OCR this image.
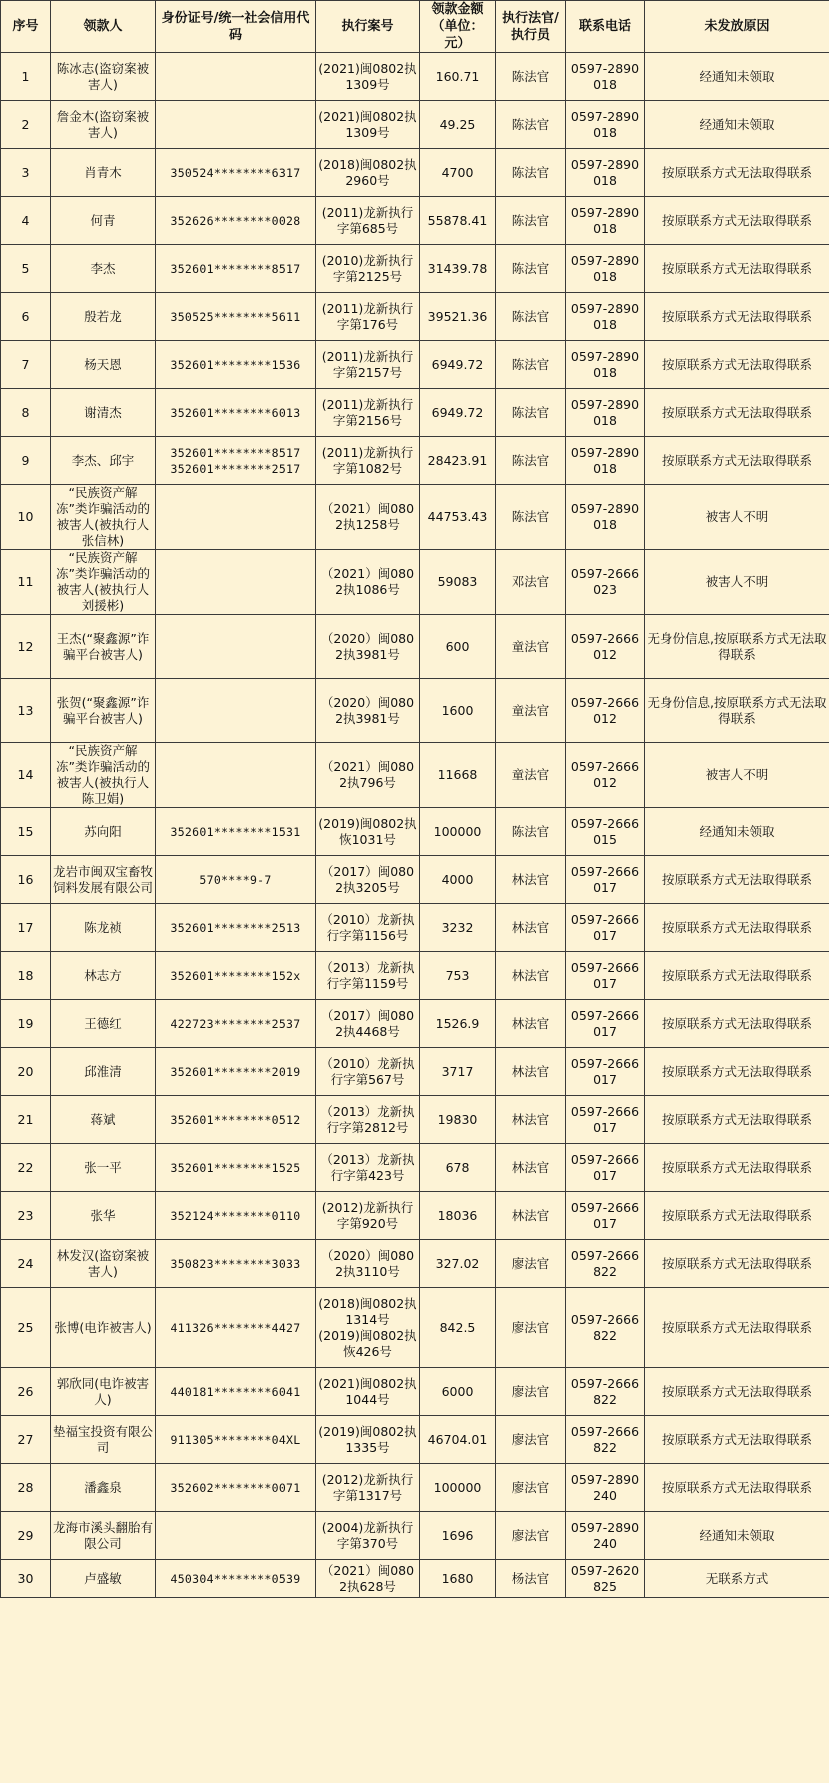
序号	领款人	身份证号/统一社会信用代码	执行案号	领款金额（单位：元）	执行法官/执行员	联系电话	未发放原因
1	陈冰志(盗窃案被害人)		(2021)闽0802执1309号	160.71	陈法官	0597-2890018	经通知未领取
2	詹金木(盗窃案被害人)		(2021)闽0802执1309号	49.25	陈法官	0597-2890018	经通知未领取
3	肖青木	350524********6317	(2018)闽0802执2960号	4700	陈法官	0597-2890018	按原联系方式无法取得联系
4	何青	352626********0028	(2011)龙新执行字第685号	55878.41	陈法官	0597-2890018	按原联系方式无法取得联系
5	李杰	352601********8517	(2010)龙新执行字第2125号	31439.78	陈法官	0597-2890018	按原联系方式无法取得联系
6	殷若龙	350525********5611	(2011)龙新执行字第176号	39521.36	陈法官	0597-2890018	按原联系方式无法取得联系
7	杨天恩	352601********1536	(2011)龙新执行字第2157号	6949.72	陈法官	0597-2890018	按原联系方式无法取得联系
8	谢清杰	352601********6013	(2011)龙新执行字第2156号	6949.72	陈法官	0597-2890018	按原联系方式无法取得联系
9	李杰、邱宇	352601********8517
352601********2517	(2011)龙新执行字第1082号	28423.91	陈法官	0597-2890018	按原联系方式无法取得联系
10	“民族资产解冻”类诈骗活动的被害人(被执行人张信林)		（2021）闽0802执1258号	44753.43	陈法官	0597-2890018	被害人不明
11	“民族资产解冻”类诈骗活动的被害人(被执行人刘援彬)		（2021）闽0802执1086号	59083	邓法官	0597-2666023	被害人不明
12	王杰(“聚鑫源”诈骗平台被害人)		（2020）闽0802执3981号	600	童法官	0597-2666012	无身份信息,按原联系方式无法取得联系
13	张贺(“聚鑫源”诈骗平台被害人)		（2020）闽0802执3981号	1600	童法官	0597-2666012	无身份信息,按原联系方式无法取得联系
14	“民族资产解冻”类诈骗活动的被害人(被执行人陈卫娟)		（2021）闽0802执796号	11668	童法官	0597-2666012	被害人不明
15	苏向阳	352601********1531	(2019)闽0802执恢1031号	100000	陈法官	0597-2666015	经通知未领取
16	龙岩市闽双宝畜牧饲料发展有限公司	570****9-7	（2017）闽0802执3205号	4000	林法官	0597-2666017	按原联系方式无法取得联系
17	陈龙祯	352601********2513	（2010）龙新执行字第1156号	3232	林法官	0597-2666017	按原联系方式无法取得联系
18	林志方	352601********152x	（2013）龙新执行字第1159号	753	林法官	0597-2666017	按原联系方式无法取得联系
19	王德红	422723********2537	（2017）闽0802执4468号	1526.9	林法官	0597-2666017	按原联系方式无法取得联系
20	邱淮清	352601********2019	（2010）龙新执行字第567号	3717	林法官	0597-2666017	按原联系方式无法取得联系
21	蒋斌	352601********0512	（2013）龙新执行字第2812号	19830	林法官	0597-2666017	按原联系方式无法取得联系
22	张一平	352601********1525	（2013）龙新执行字第423号	678	林法官	0597-2666017	按原联系方式无法取得联系
23	张华	352124********0110	(2012)龙新执行字第920号	18036	林法官	0597-2666017	按原联系方式无法取得联系
24	林发汉(盗窃案被害人)	350823********3033	（2020）闽0802执3110号	327.02	廖法官	0597-2666822	按原联系方式无法取得联系
25	张博(电诈被害人)	411326********4427	(2018)闽0802执1314号
(2019)闽0802执恢426号	842.5	廖法官	0597-2666822	按原联系方式无法取得联系
26	郭欣同(电诈被害人)	440181********6041	(2021)闽0802执1044号	6000	廖法官	0597-2666822	按原联系方式无法取得联系
27	垫福宝投资有限公司	911305********04XL	(2019)闽0802执1335号	46704.01	廖法官	0597-2666822	按原联系方式无法取得联系
28	潘鑫泉	352602********0071	(2012)龙新执行字第1317号	100000	廖法官	0597-2890240	按原联系方式无法取得联系
29	龙海市溪头翻胎有限公司		(2004)龙新执行字第370号	1696	廖法官	0597-2890240	经通知未领取
30	卢盛敏	450304********0539	（2021）闽0802执628号	1680	杨法官	0597-2620825	无联系方式
